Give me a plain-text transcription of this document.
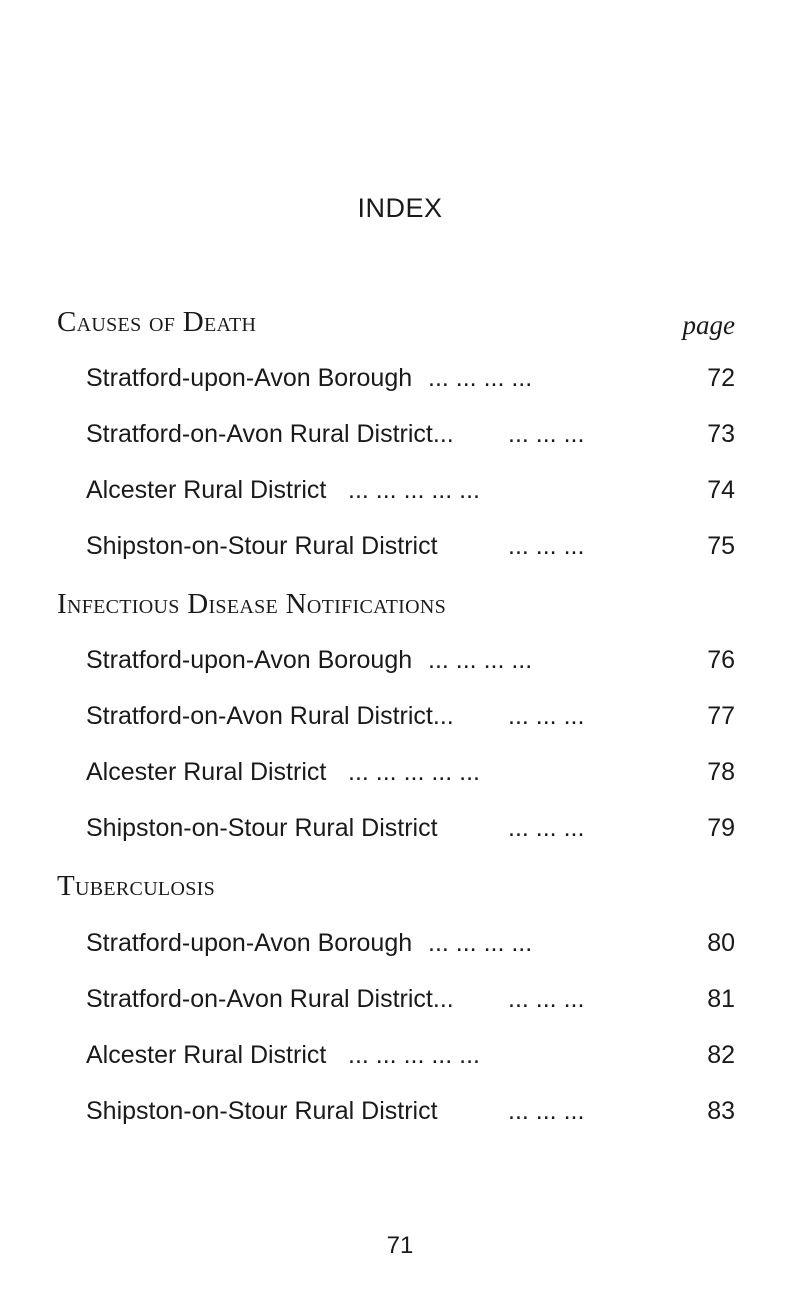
INDEX
page
Causes of Death
Stratford-upon-Avon Borough ... ... ... ...	72
Stratford-on-Avon Rural District... ... ... ...	73
Alcester Rural District ... ... ... ... ...	74
Shipston-on-Stour Rural District	... ... ...	75
Infectious Disease Notifications
Stratford-upon-Avon Borough ... ... ... ...	76
Stratford-on-Avon Rural District... ... ... ...	77
Alcester Rural District ... ... ... ... ...	78
Shipston-on-Stour Rural District	... ... ...	79
Tuberculosis
Stratford-upon-Avon Borough ... ... ... ...	80
Stratford-on-Avon Rural District... ... ... ...	81
Alcester Rural District ... ... ... ... ...	82
Shipston-on-Stour Rural District	... ... ...	83
71
